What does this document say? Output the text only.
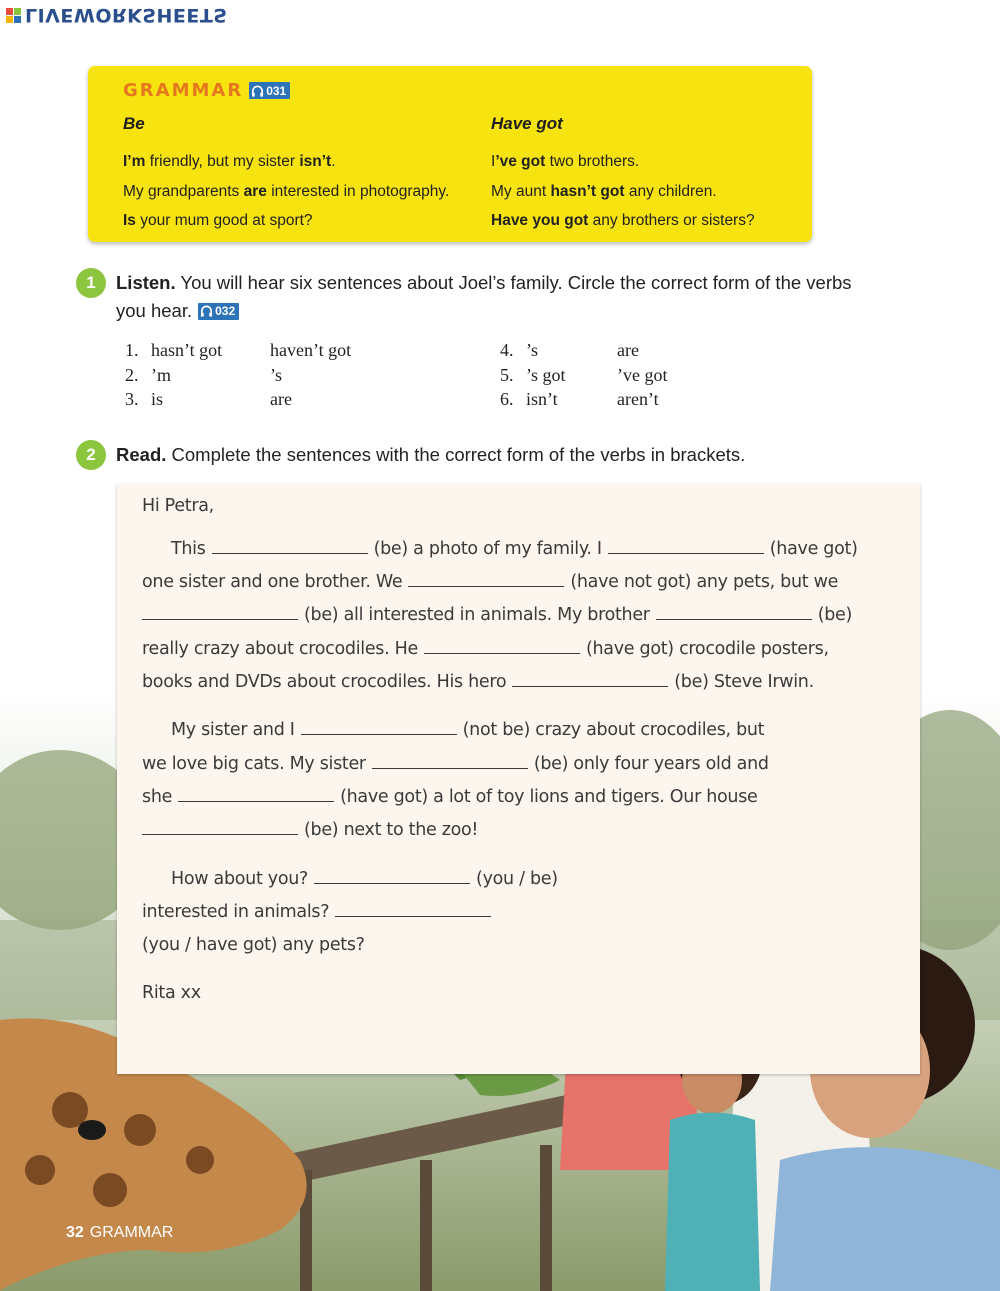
LIVEWORKSHEETS
GRAMMAR 031
Be
I’m friendly, but my sister isn’t.
My grandparents are interested in photography.
Is your mum good at sport?
Have got
I’ve got two brothers.
My aunt hasn’t got any children.
Have you got any brothers or sisters?
1	Listen. You will hear six sentences about Joel’s family. Circle the correct form of the verbs
you hear. 032
1. hasn’t got	haven’t got
2. ’m	’s
3. is	are
4. ’s	are
5. ’s got	’ve got
6. isn’t	aren’t
2	Read. Complete the sentences with the correct form of the verbs in brackets.
Hi Petra,
This	(be) a photo of my family. I	(have got)
one sister and one brother. We	(have not got) any pets, but we
(be) all interested in animals. My brother	(be)
really crazy about crocodiles. He	(have got) crocodile posters,
books and DVDs about crocodiles. His hero	(be) Steve Irwin.
My sister and I	(not be) crazy about crocodiles, but
we love big cats. My sister	(be) only four years old and
she	(have got) a lot of toy lions and tigers. Our house
(be) next to the zoo!
How about you?	(you / be)
interested in animals?
(you / have got) any pets?
Rita xx
32 GRAMMAR
